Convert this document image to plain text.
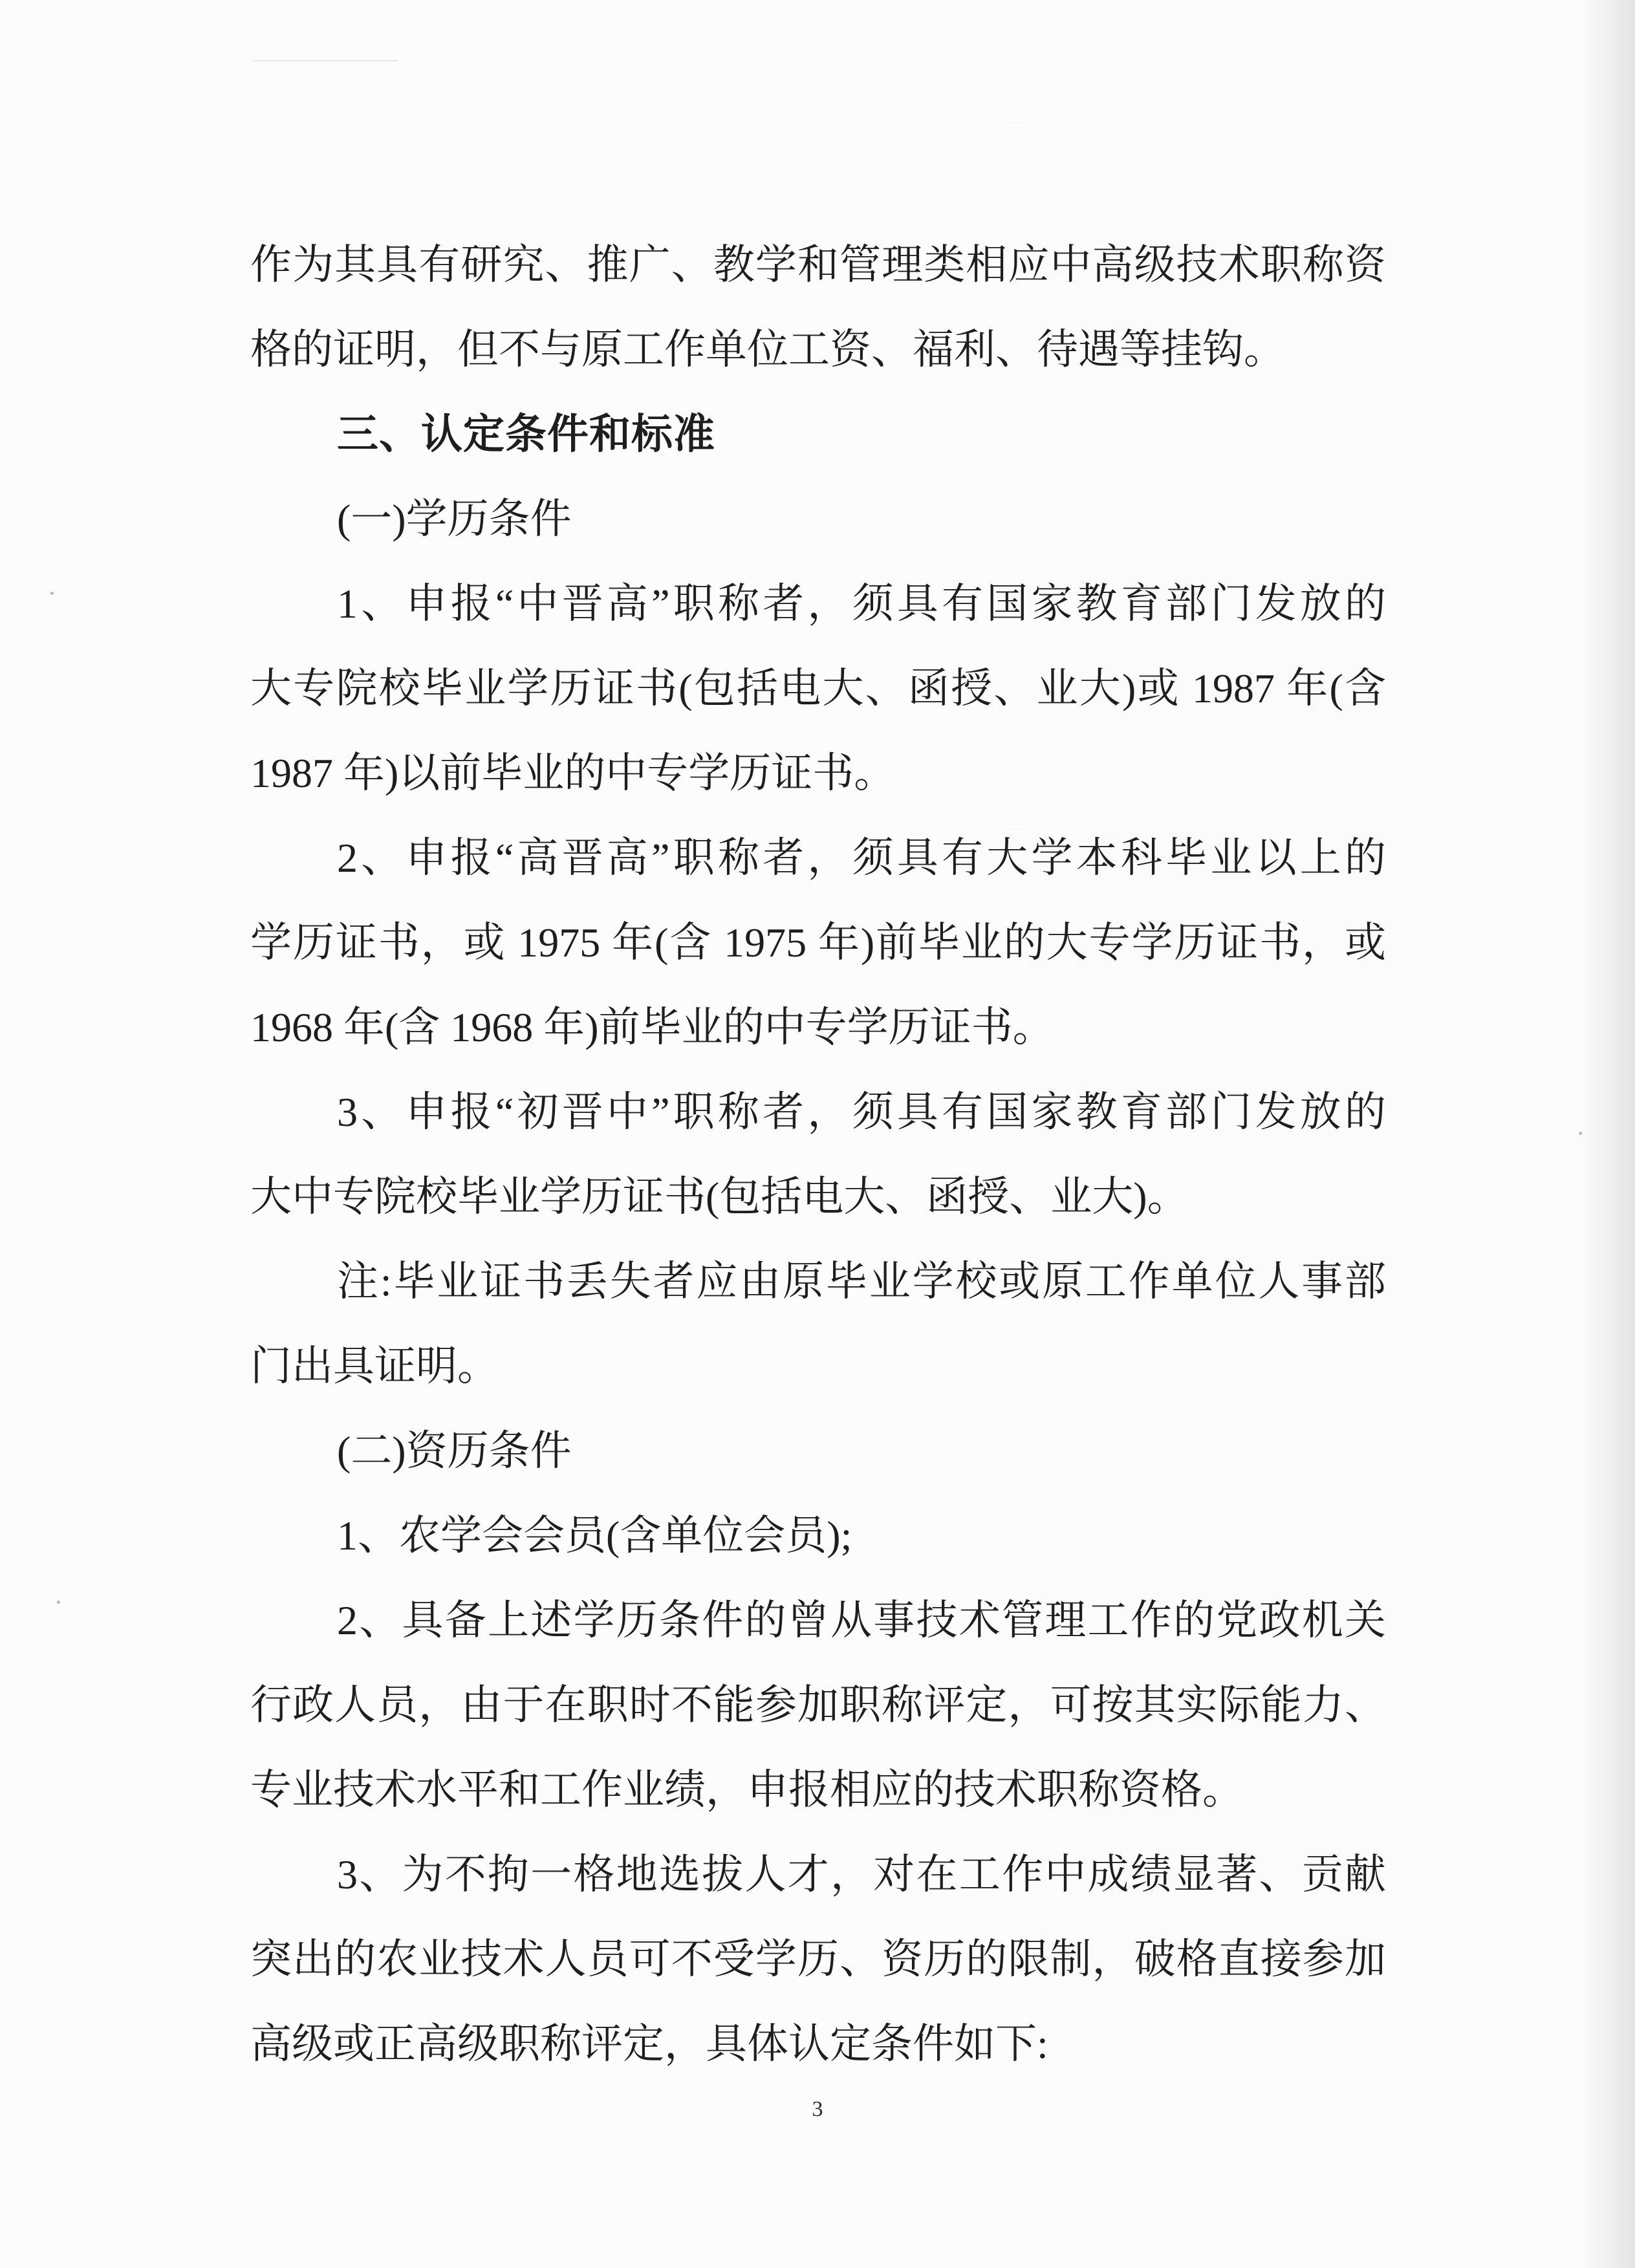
作为其具有研究、推广、教学和管理类相应中高级技术职称资
格的证明，但不与原工作单位工资、福利、待遇等挂钩。
三、认定条件和标准
(一)学历条件
1、申报“中晋高”职称者，须具有国家教育部门发放的
大专院校毕业学历证书(包括电大、函授、业大)或 1987 年(含
1987 年)以前毕业的中专学历证书。
2、申报“高晋高”职称者，须具有大学本科毕业以上的
学历证书，或 1975 年(含 1975 年)前毕业的大专学历证书，或
1968 年(含 1968 年)前毕业的中专学历证书。
3、申报“初晋中”职称者，须具有国家教育部门发放的
大中专院校毕业学历证书(包括电大、函授、业大)。
注:毕业证书丢失者应由原毕业学校或原工作单位人事部
门出具证明。
(二)资历条件
1、农学会会员(含单位会员);
2、具备上述学历条件的曾从事技术管理工作的党政机关
行政人员，由于在职时不能参加职称评定，可按其实际能力、
专业技术水平和工作业绩，申报相应的技术职称资格。
3、为不拘一格地选拔人才，对在工作中成绩显著、贡献
突出的农业技术人员可不受学历、资历的限制，破格直接参加
高级或正高级职称评定，具体认定条件如下:
3
